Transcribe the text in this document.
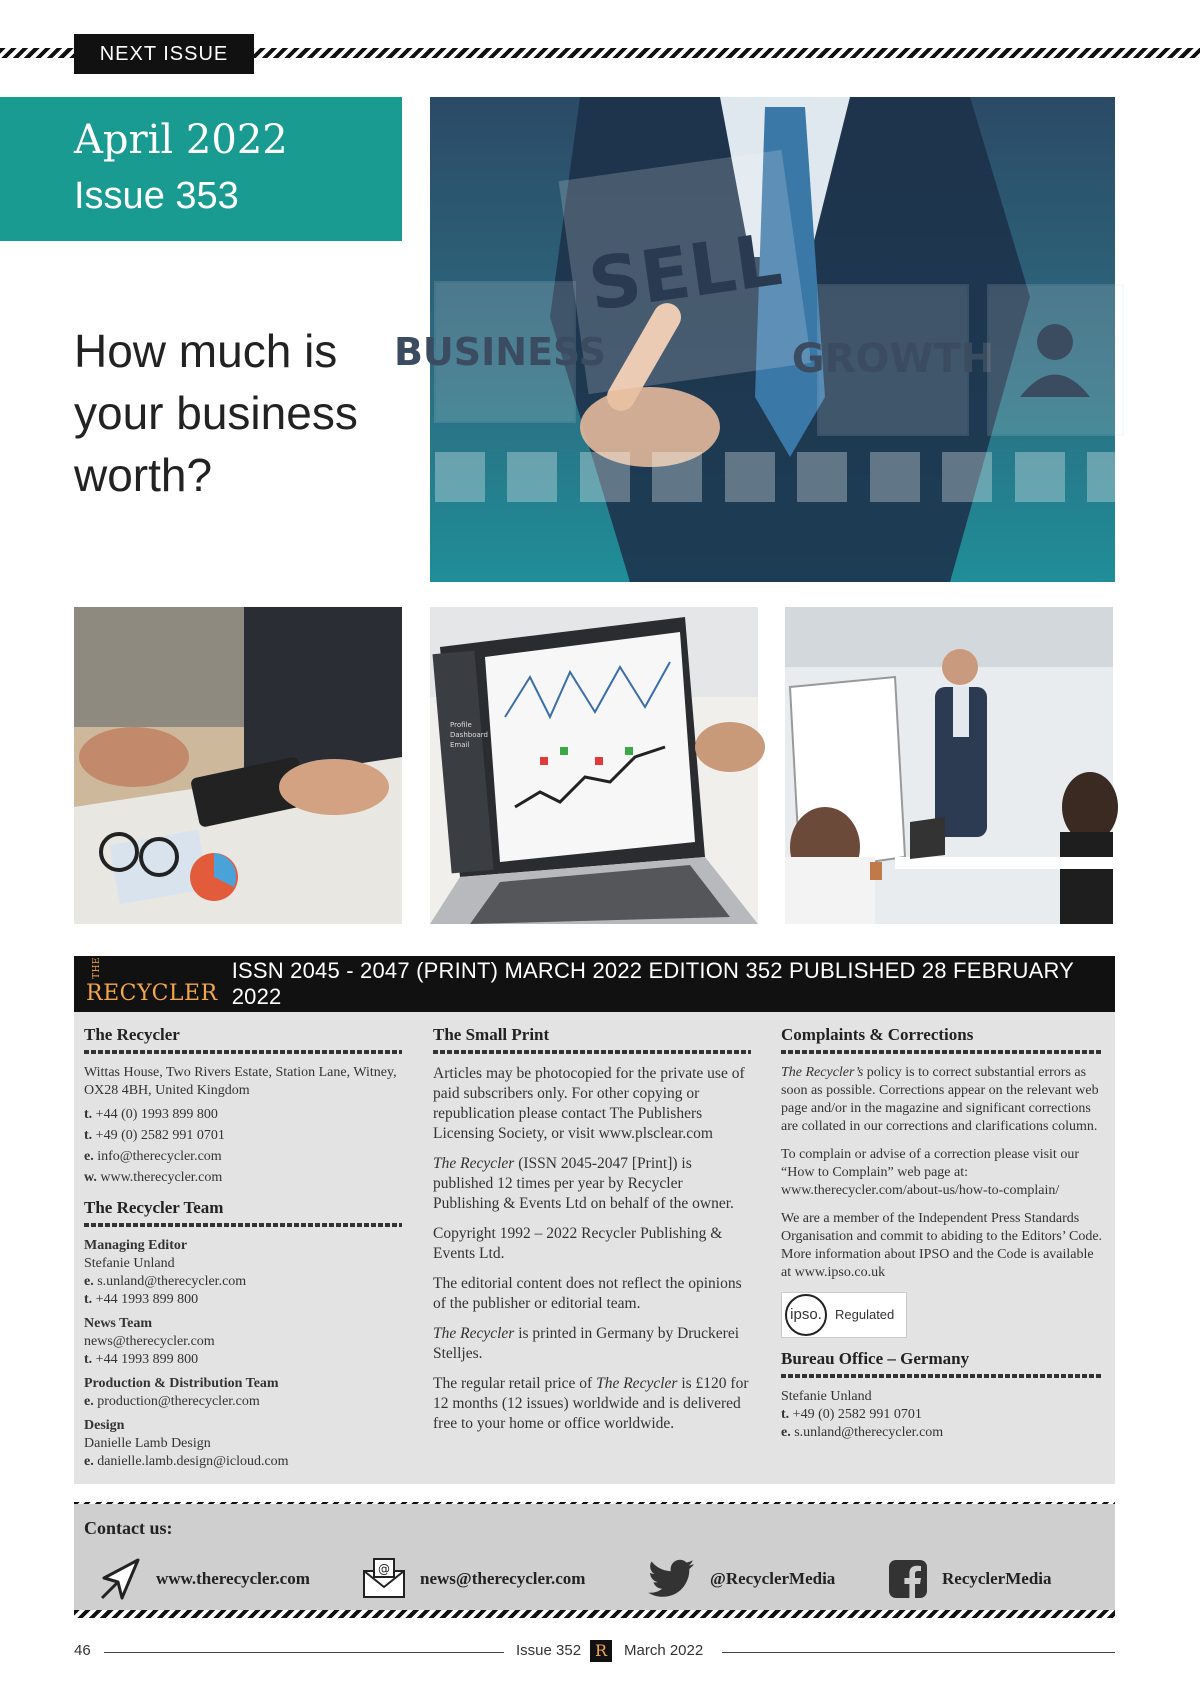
NEXT ISSUE
April 2022
Issue 353
How much is your business worth?
SELL
BUSINESS	GROWTH
Profile
Dashboard
Email
THERECYCLER
ISSN 2045 - 2047 (PRINT) MARCH 2022 EDITION 352 PUBLISHED 28 FEBRUARY 2022
The Recycler

Wittas House, Two Rivers Estate, Station Lane, Witney, OX28 4BH, United Kingdom

t. +44 (0) 1993 899 800
t. +49 (0) 2582 991 0701
e. info@therecycler.com
w. www.therecycler.com
The Recycler Team
Managing Editor
Stefanie Unland
e. s.unland@therecycler.com
t. +44 1993 899 800
News Team
news@therecycler.com
t. +44 1993 899 800
Production & Distribution Team
e. production@therecycler.com
Design
Danielle Lamb Design
e. danielle.lamb.design@icloud.com
The Small Print

Articles may be photocopied for the private use of paid subscribers only. For other copying or republication please contact The Publishers Licensing Society, or visit www.plsclear.com

The Recycler (ISSN 2045-2047 [Print]) is published 12 times per year by Recycler Publishing & Events Ltd on behalf of the owner.

Copyright 1992 – 2022 Recycler Publishing & Events Ltd.

The editorial content does not reflect the opinions of the publisher or editorial team.

The Recycler is printed in Germany by Druckerei Stelljes.

The regular retail price of The Recycler is £120 for 12 months (12 issues) worldwide and is delivered free to your home or office worldwide.

Complaints & Corrections

The Recycler’s policy is to correct substantial errors as soon as possible. Corrections appear on the relevant web page and/or in the magazine and significant corrections are collated in our corrections and clarifications column.

To complain or advise of a correction please visit our “How to Complain” web page at: www.therecycler.com/about-us/how-to-complain/

We are a member of the Independent Press Standards Organisation and commit to abiding to the Editors’ Code. More information about IPSO and the Code is available at www.ipso.co.uk

ipso.	Regulated
Bureau Office – Germany
Stefanie Unland
t. +49 (0) 2582 991 0701
e. s.unland@therecycler.com
Contact us:
www.therecycler.com	@ news@therecycler.com	@RecyclerMedia	RecyclerMedia
46	Issue 352 R	March 2022
